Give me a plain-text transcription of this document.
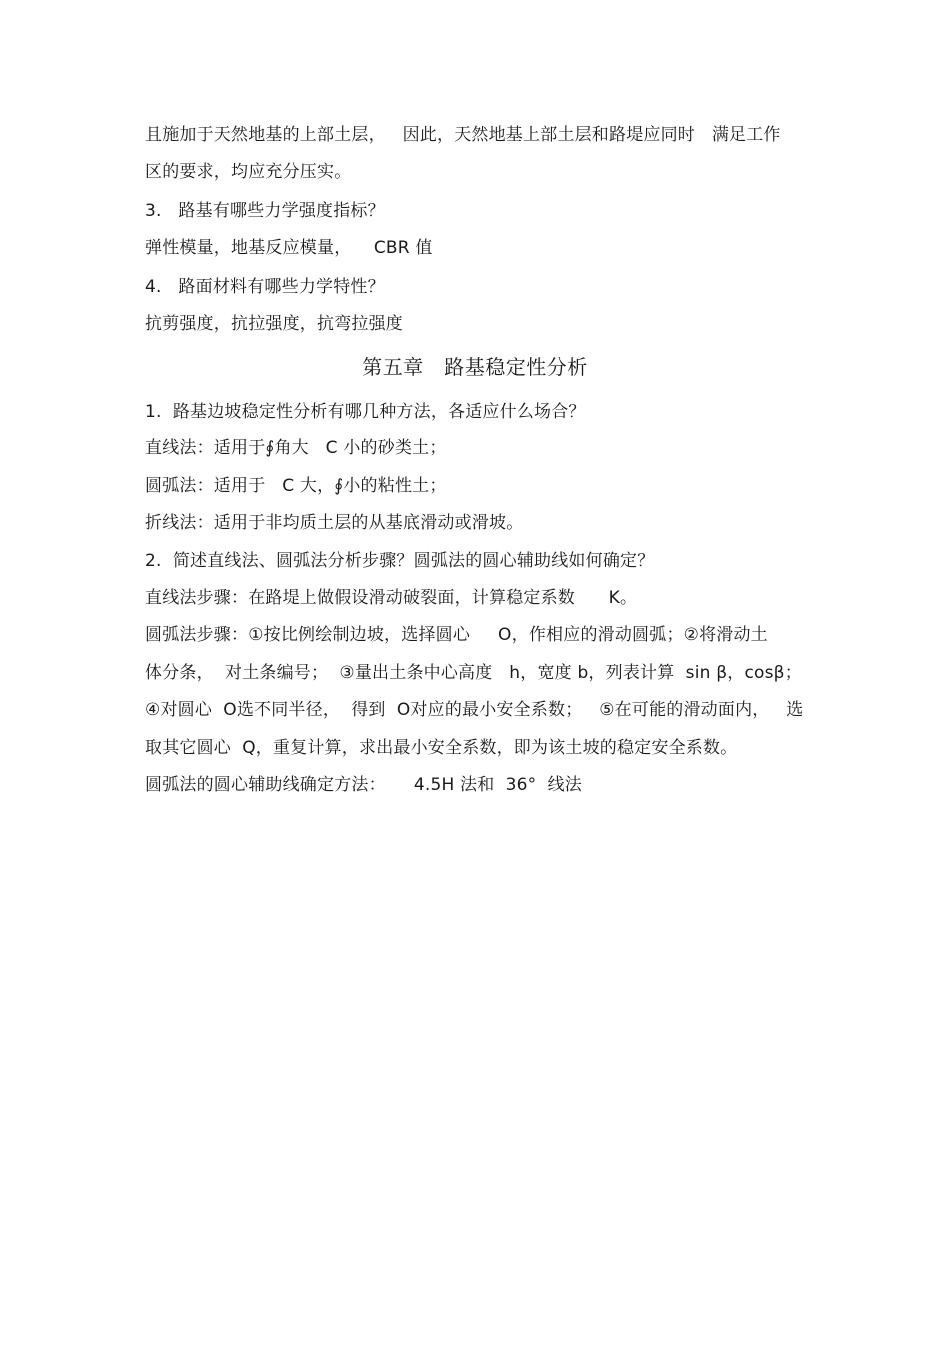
且施加于天然地基的上部土层，   因此，天然地基上部土层和路堤应同时   满足工作
区的要求，均应充分压实。
3.   路基有哪些力学强度指标？
弹性模量，地基反应模量，    CBR 值
4.   路面材料有哪些力学特性？
抗剪强度，抗拉强度，抗弯拉强度
第五章   路基稳定性分析
1.  路基边坡稳定性分析有哪几种方法，各适应什么场合？
直线法：适用于∮角大   C 小的砂类土；
圆弧法：适用于   C 大，∮小的粘性土；
折线法：适用于非均质土层的从基底滑动或滑坡。
2.  简述直线法、圆弧法分析步骤？圆弧法的圆心辅助线如何确定？
直线法步骤：在路堤上做假设滑动破裂面，计算稳定系数      K。
圆弧法步骤：①按比例绘制边坡，选择圆心     O，作相应的滑动圆弧；②将滑动土
体分条，  对土条编号；  ③量出土条中心高度   h，宽度 b，列表计算  sin β，cosβ；
④对圆心  O选不同半径，  得到  O对应的最小安全系数；   ⑤在可能的滑动面内，   选
取其它圆心  Q，重复计算，求出最小安全系数，即为该土坡的稳定安全系数。
圆弧法的圆心辅助线确定方法：     4.5H 法和  36°  线法
